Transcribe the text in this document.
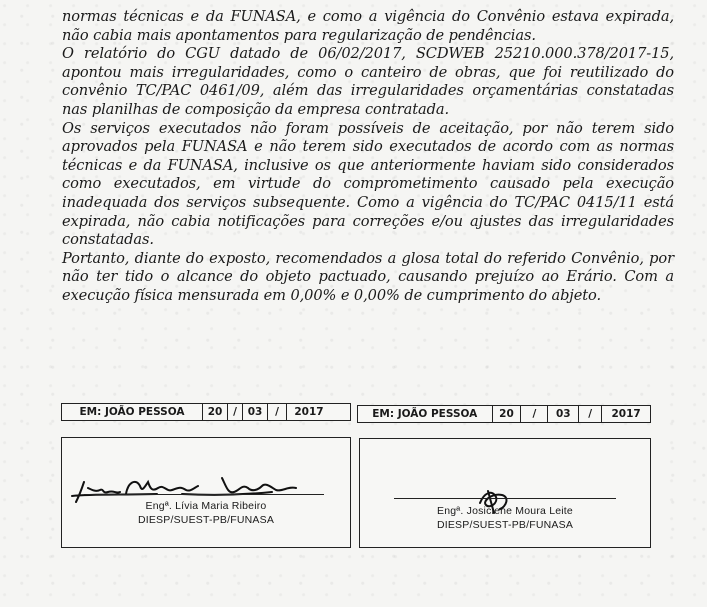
normas técnicas e da FUNASA, e como a vigência do Convênio estava expirada, não cabia mais apontamentos para regularização de pendências.

O relatório do CGU datado de 06/02/2017, SCDWEB 25210.000.378/2017-15, apontou mais irregularidades, como o canteiro de obras, que foi reutilizado do convênio TC/PAC 0461/09, além das irregularidades orçamentárias constatadas nas planilhas de composição da empresa contratada.

Os serviços executados não foram possíveis de aceitação, por não terem sido aprovados pela FUNASA e não terem sido executados de acordo com as normas técnicas e da FUNASA, inclusive os que anteriormente haviam sido considerados como executados, em virtude do comprometimento causado pela execução inadequada dos serviços subsequente. Como a vigência do TC/PAC 0415/11 está expirada, não cabia notificações para correções e/ou ajustes das irregularidades constatadas.

Portanto, diante do exposto, recomendados a glosa total do referido Convênio, por não ter tido o alcance do objeto pactuado, causando prejuízo ao Erário. Com a execução física mensurada em 0,00% e 0,00% de cumprimento do abjeto.

EM: JOÃO PESSOA	20	/	03	/	2017	EM: JOÃO PESSOA	20	/	03	/	2017
Engª. Lívia Maria Ribeiro
DIESP/SUEST-PB/FUNASA
Engª. Josiclene Moura Leite
DIESP/SUEST-PB/FUNASA
